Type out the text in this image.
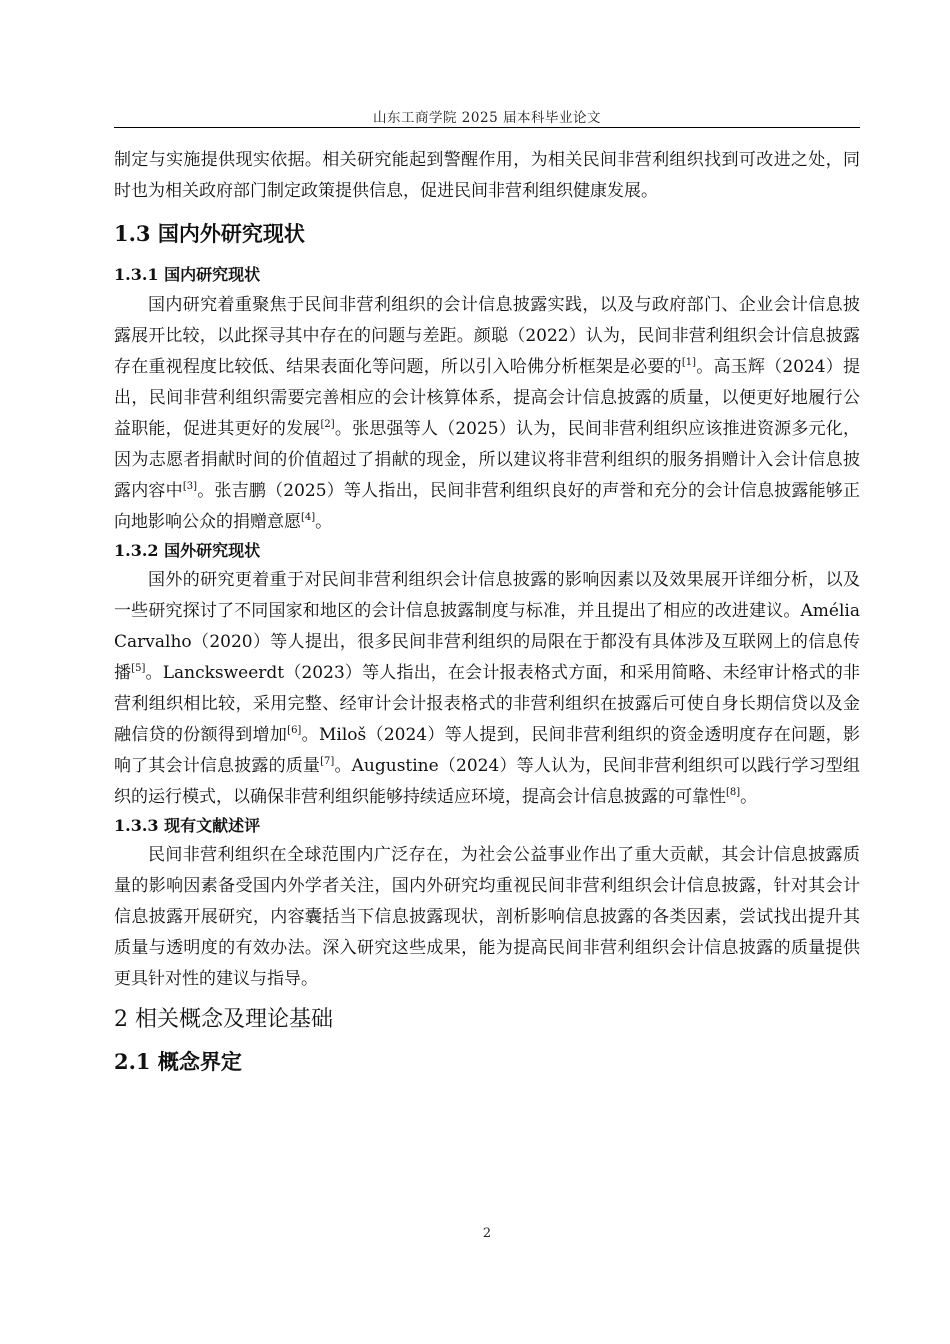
山东工商学院 2025 届本科毕业论文

制定与实施提供现实依据。相关研究能起到警醒作用，为相关民间非营利组织找到可改进之处，同时也为相关政府部门制定政策提供信息，促进民间非营利组织健康发展。

1.3 国内外研究现状
1.3.1 国内研究现状

国内研究着重聚焦于民间非营利组织的会计信息披露实践，以及与政府部门、企业会计信息披露展开比较，以此探寻其中存在的问题与差距。颜聪（2022）认为，民间非营利组织会计信息披露存在重视程度比较低、结果表面化等问题，所以引入哈佛分析框架是必要的[1]。高玉辉（2024）提出，民间非营利组织需要完善相应的会计核算体系，提高会计信息披露的质量，以便更好地履行公益职能，促进其更好的发展[2]。张思强等人（2025）认为，民间非营利组织应该推进资源多元化，因为志愿者捐献时间的价值超过了捐献的现金，所以建议将非营利组织的服务捐赠计入会计信息披露内容中[3]。张吉鹏（2025）等人指出，民间非营利组织良好的声誉和充分的会计信息披露能够正向地影响公众的捐赠意愿[4]。

1.3.2 国外研究现状

国外的研究更着重于对民间非营利组织会计信息披露的影响因素以及效果展开详细分析，以及一些研究探讨了不同国家和地区的会计信息披露制度与标准，并且提出了相应的改进建议。Amélia Carvalho（2020）等人提出，很多民间非营利组织的局限在于都没有具体涉及互联网上的信息传播[5]。Lancksweerdt（2023）等人指出，在会计报表格式方面，和采用简略、未经审计格式的非营利组织相比较，采用完整、经审计会计报表格式的非营利组织在披露后可使自身长期信贷以及金融信贷的份额得到增加[6]。Miloš（2024）等人提到，民间非营利组织的资金透明度存在问题，影响了其会计信息披露的质量[7]。Augustine（2024）等人认为，民间非营利组织可以践行学习型组织的运行模式，以确保非营利组织能够持续适应环境，提高会计信息披露的可靠性[8]。

1.3.3 现有文献述评

民间非营利组织在全球范围内广泛存在，为社会公益事业作出了重大贡献，其会计信息披露质量的影响因素备受国内外学者关注，国内外研究均重视民间非营利组织会计信息披露，针对其会计信息披露开展研究，内容囊括当下信息披露现状，剖析影响信息披露的各类因素，尝试找出提升其质量与透明度的有效办法。深入研究这些成果，能为提高民间非营利组织会计信息披露的质量提供更具针对性的建议与指导。

2 相关概念及理论基础
2.1 概念界定
2
